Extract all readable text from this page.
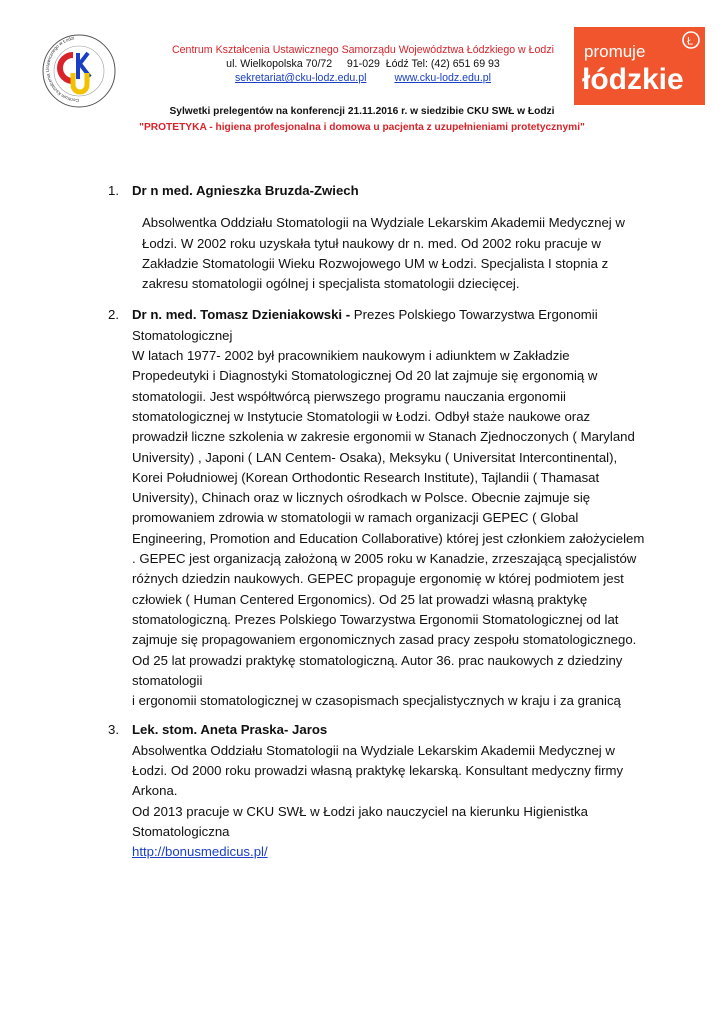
Centrum Kształcenia Ustawicznego w Łodzi
Centrum Kształcenia Ustawicznego Samorządu Województwa Łódzkiego w Łodzi
ul. Wielkopolska 70/72     91-029  Łódź Tel: (42) 651 69 93
sekretariat@cku-lodz.edu.pl	www.cku-lodz.edu.pl
promuje
łódzkie
Ł
Sylwetki prelegentów na konferencji 21.11.2016 r. w siedzibie CKU SWŁ w Łodzi
"PROTETYKA - higiena profesjonalna i domowa u pacjenta z uzupełnieniami protetycznymi"
1. Dr n med. Agnieszka Bruzda-Zwiech

Absolwentka Oddziału Stomatologii na Wydziale Lekarskim Akademii Medycznej w Łodzi. W 2002 roku uzyskała tytuł naukowy dr n. med. Od 2002 roku pracuje w Zakładzie Stomatologii Wieku Rozwojowego UM w Łodzi. Specjalista I stopnia z zakresu stomatologii ogólnej i specjalista stomatologii dziecięcej.

2. Dr n. med. Tomasz Dzieniakowski - Prezes Polskiego Towarzystwa Ergonomii Stomatologicznej

W latach 1977- 2002 był pracownikiem naukowym i adiunktem w Zakładzie Propedeutyki i Diagnostyki Stomatologicznej Od 20 lat zajmuje się ergonomią w stomatologii. Jest współtwórcą pierwszego programu nauczania ergonomii stomatologicznej w Instytucie Stomatologii w Łodzi. Odbył staże naukowe oraz prowadził liczne szkolenia w zakresie ergonomii w Stanach Zjednoczonych ( Maryland University) , Japoni ( LAN Centem- Osaka), Meksyku ( Universitat Intercontinental), Korei Południowej (Korean Orthodontic Research Institute), Tajlandii ( Thamasat University), Chinach oraz w licznych ośrodkach w Polsce. Obecnie zajmuje się promowaniem zdrowia w stomatologii w ramach organizacji GEPEC ( Global Engineering, Promotion and Education Collaborative) której jest członkiem założycielem . GEPEC jest organizacją założoną w 2005 roku w Kanadzie, zrzeszającą specjalistów różnych dziedzin naukowych. GEPEC propaguje ergonomię w której podmiotem jest człowiek ( Human Centered Ergonomics). Od 25 lat prowadzi własną praktykę stomatologiczną. Prezes Polskiego Towarzystwa Ergonomii Stomatologicznej od lat zajmuje się propagowaniem ergonomicznych zasad pracy zespołu stomatologicznego. Od 25 lat prowadzi praktykę stomatologiczną. Autor 36. prac naukowych z dziedziny stomatologii

i ergonomii stomatologicznej w czasopismach specjalistycznych w kraju i za granicą

3. Lek. stom. Aneta Praska- Jaros

Absolwentka Oddziału Stomatologii na Wydziale Lekarskim Akademii Medycznej w Łodzi. Od 2000 roku prowadzi własną praktykę lekarską. Konsultant medyczny firmy Arkona.

Od 2013 pracuje w CKU SWŁ w Łodzi jako nauczyciel na kierunku Higienistka Stomatologiczna

http://bonusmedicus.pl/
